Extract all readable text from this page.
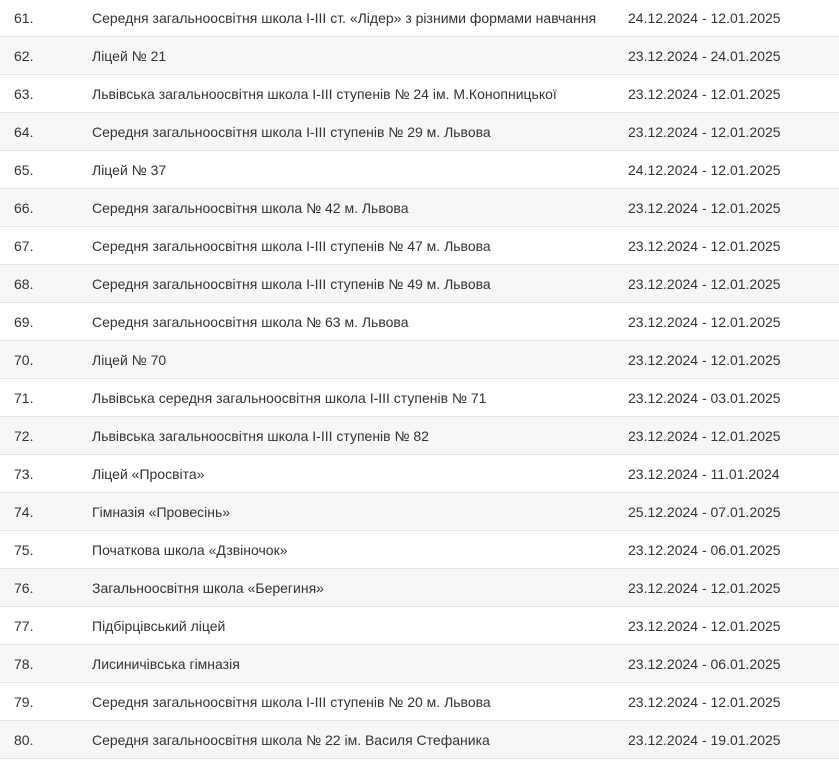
61.	Середня загальноосвітня школа І-ІІІ ст. «Лідер» з різними формами навчання	24.12.2024 - 12.01.2025
62.	Ліцей № 21	23.12.2024 - 24.01.2025
63.	Львівська загальноосвітня школа І-ІІІ ступенів № 24 ім. М.Конопницької	23.12.2024 - 12.01.2025
64.	Середня загальноосвітня школа І-ІІІ ступенів № 29 м. Львова	23.12.2024 - 12.01.2025
65.	Ліцей № 37	24.12.2024 - 12.01.2025
66.	Середня загальноосвітня школа № 42 м. Львова	23.12.2024 - 12.01.2025
67.	Середня загальноосвітня школа І-ІІІ ступенів № 47 м. Львова	23.12.2024 - 12.01.2025
68.	Середня загальноосвітня школа І-ІІІ ступенів № 49 м. Львова	23.12.2024 - 12.01.2025
69.	Середня загальноосвітня школа № 63 м. Львова	23.12.2024 - 12.01.2025
70.	Ліцей № 70	23.12.2024 - 12.01.2025
71.	Львівська середня загальноосвітня школа І-ІІІ ступенів № 71	23.12.2024 - 03.01.2025
72.	Львівська загальноосвітня школа І-ІІІ ступенів № 82	23.12.2024 - 12.01.2025
73.	Ліцей «Просвіта»	23.12.2024 - 11.01.2024
74.	Гімназія «Провесінь»	25.12.2024 - 07.01.2025
75.	Початкова школа «Дзвіночок»	23.12.2024 - 06.01.2025
76.	Загальноосвітня школа «Берегиня»	23.12.2024 - 12.01.2025
77.	Підбірцівський ліцей	23.12.2024 - 12.01.2025
78.	Лисиничівська гімназія	23.12.2024 - 06.01.2025
79.	Середня загальноосвітня школа І-ІІІ ступенів № 20 м. Львова	23.12.2024 - 12.01.2025
80.	Середня загальноосвітня школа № 22 ім. Василя Стефаника	23.12.2024 - 19.01.2025
